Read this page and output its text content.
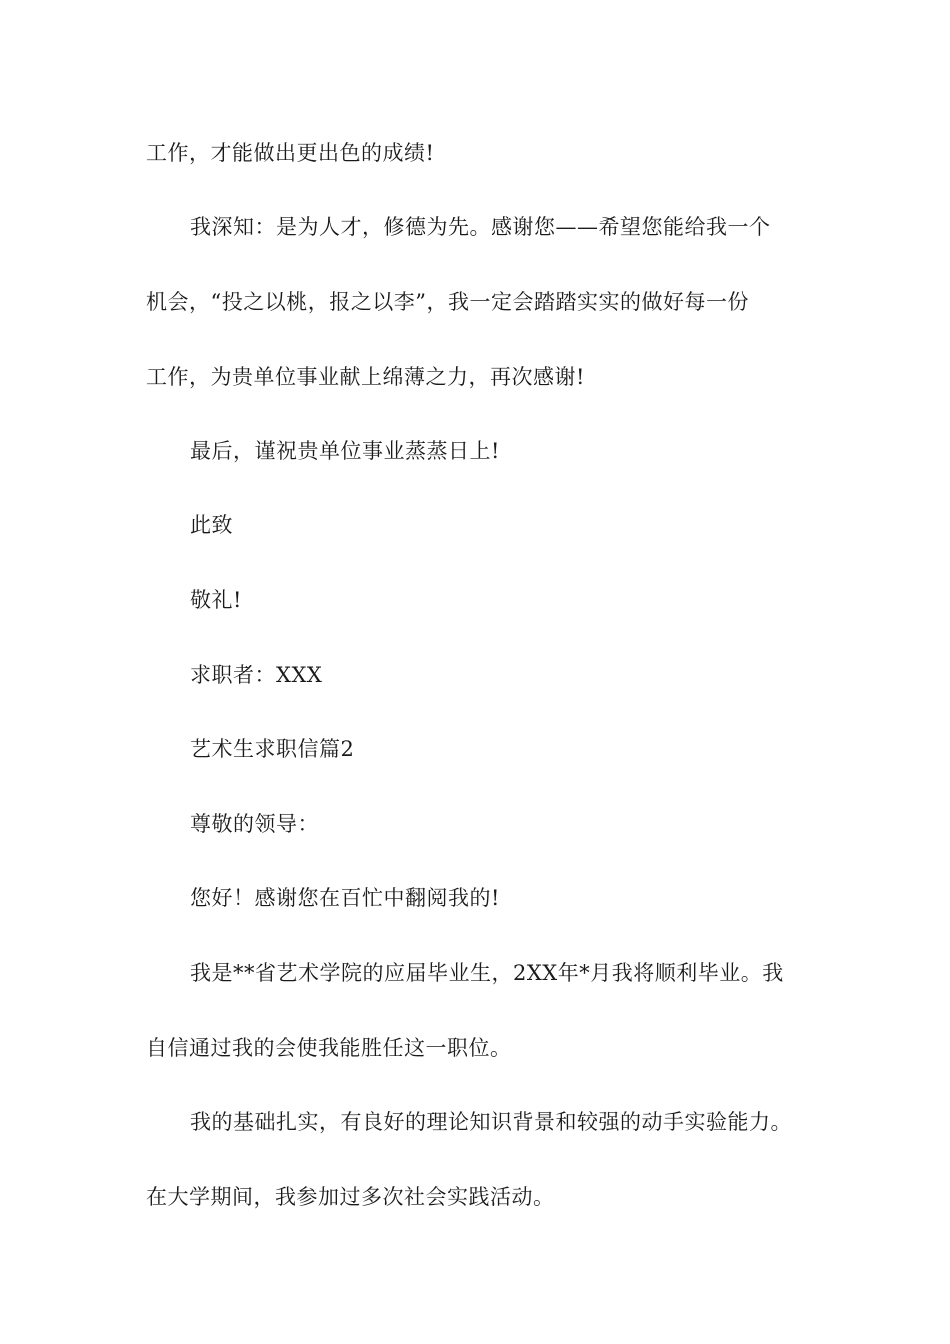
工作，才能做出更出色的成绩!
我深知：是为人才，修德为先。感谢您——希望您能给我一个
机会，“投之以桃，报之以李”，我一定会踏踏实实的做好每一份
工作，为贵单位事业献上绵薄之力，再次感谢!
最后，谨祝贵单位事业蒸蒸日上!
此致
敬礼!
求职者：XXX
艺术生求职信篇2
尊敬的领导：
您好！感谢您在百忙中翻阅我的!
我是**省艺术学院的应届毕业生，2XX年*月我将顺利毕业。我
自信通过我的会使我能胜任这一职位。
我的基础扎实，有良好的理论知识背景和较强的动手实验能力。
在大学期间，我参加过多次社会实践活动。
